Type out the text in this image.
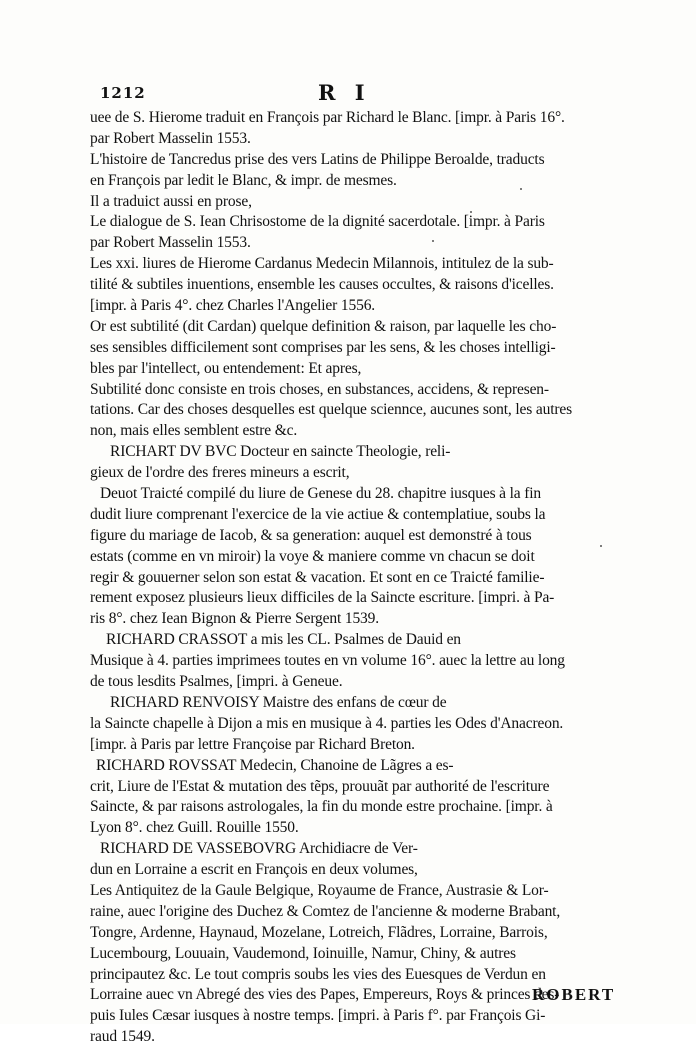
1212	R I
uee de S. Hierome traduit en François par Richard le Blanc. [impr. à Paris 16°.
par Robert Masselin 1553.
L'histoire de Tancredus prise des vers Latins de Philippe Beroalde, traducts
en François par ledit le Blanc, & impr. de mesmes.
Il a traduict aussi en prose,
Le dialogue de S. Iean Chrisostome de la dignité sacerdotale. [impr. à Paris
par Robert Masselin 1553.
Les xxi. liures de Hierome Cardanus Medecin Milannois, intitulez de la sub-
tilité & subtiles inuentions, ensemble les causes occultes, & raisons d'icelles.
[impr. à Paris 4°. chez Charles l'Angelier 1556.
Or est subtilité (dit Cardan) quelque definition & raison, par laquelle les cho-
ses sensibles difficilement sont comprises par les sens, & les choses intelligi-
bles par l'intellect, ou entendement: Et apres,
Subtilité donc consiste en trois choses, en substances, accidens, & represen-
tations. Car des choses desquelles est quelque sciennce, aucunes sont, les autres
non, mais elles semblent estre &c.
RICHART DV BVC Docteur en saincte Theologie, reli-
gieux de l'ordre des freres mineurs a escrit,
Deuot Traicté compilé du liure de Genese du 28. chapitre iusques à la fin
dudit liure comprenant l'exercice de la vie actiue & contemplatiue, soubs la
figure du mariage de Iacob, & sa generation: auquel est demonstré à tous
estats (comme en vn miroir) la voye & maniere comme vn chacun se doit
regir & gouuerner selon son estat & vacation. Et sont en ce Traicté familie-
rement exposez plusieurs lieux difficiles de la Saincte escriture. [impri. à Pa-
ris 8°. chez Iean Bignon & Pierre Sergent 1539.
RICHARD CRASSOT a mis les CL. Psalmes de Dauid en
Musique à 4. parties imprimees toutes en vn volume 16°. auec la lettre au long
de tous lesdits Psalmes, [impri. à Geneue.
RICHARD RENVOISY Maistre des enfans de cœur de
la Saincte chapelle à Dijon a mis en musique à 4. parties les Odes d'Anacreon.
[impr. à Paris par lettre Françoise par Richard Breton.
RICHARD ROVSSAT Medecin, Chanoine de Lãgres a es-
crit, Liure de l'Estat & mutation des tẽps, prouuãt par authorité de l'escriture
Saincte, & par raisons astrologales, la fin du monde estre prochaine. [impr. à
Lyon 8°. chez Guill. Rouille 1550.
RICHARD DE VASSEBOVRG Archidiacre de Ver-
dun en Lorraine a escrit en François en deux volumes,
Les Antiquitez de la Gaule Belgique, Royaume de France, Austrasie & Lor-
raine, auec l'origine des Duchez & Comtez de l'ancienne & moderne Brabant,
Tongre, Ardenne, Haynaud, Mozelane, Lotreich, Flãdres, Lorraine, Barrois,
Lucembourg, Louuain, Vaudemond, Ioinuille, Namur, Chiny, & autres
principautez &c. Le tout compris soubs les vies des Euesques de Verdun en
Lorraine auec vn Abregé des vies des Papes, Empereurs, Roys & princes des-
puis Iules Cæsar iusques à nostre temps. [impri. à Paris f°. par François Gi-
raud 1549.
ROBERT
